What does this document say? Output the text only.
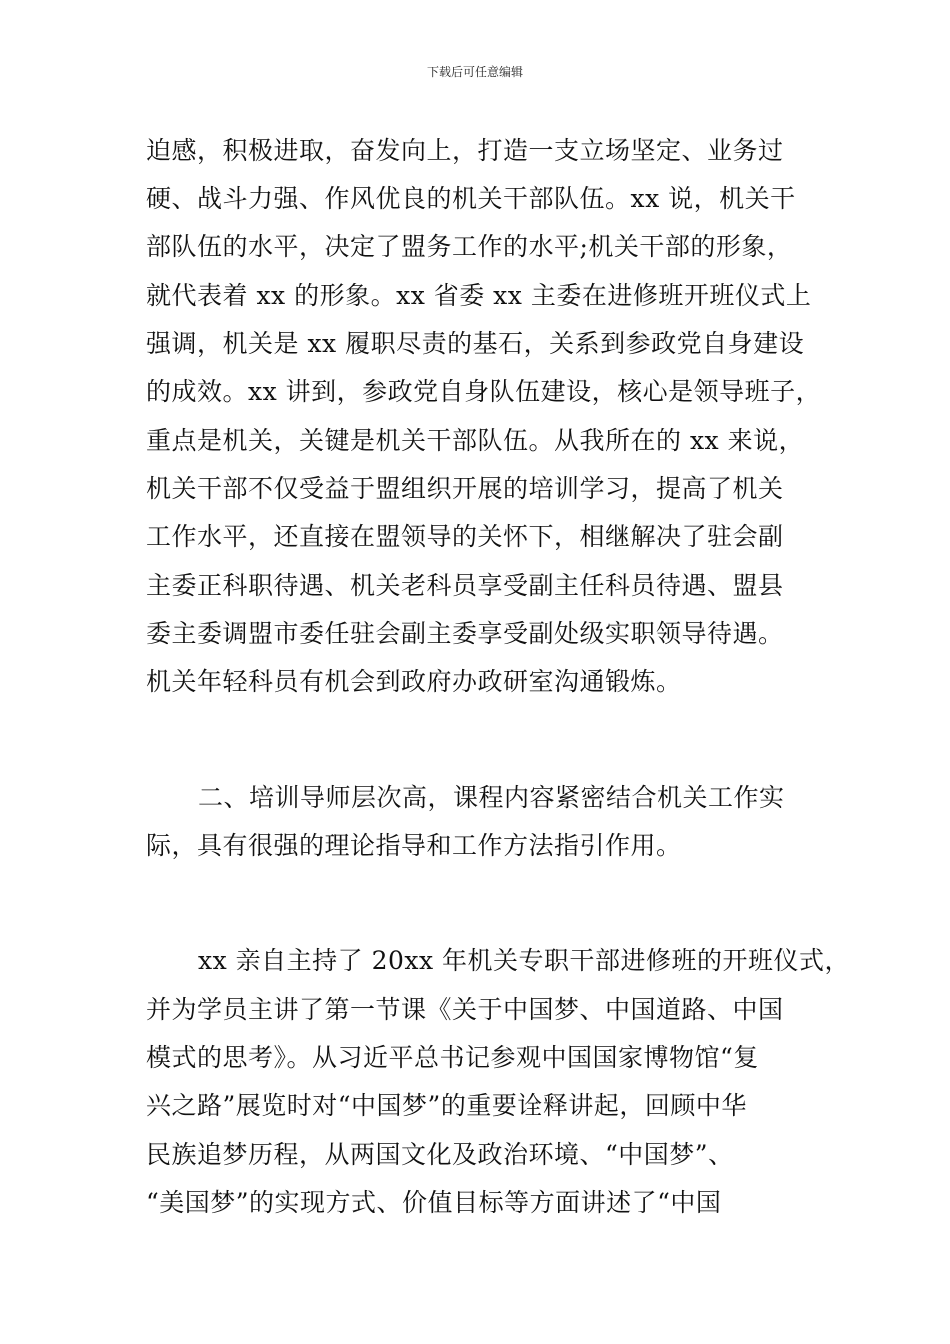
下载后可任意编辑
迫感，积极进取，奋发向上，打造一支立场坚定、业务过
硬、战斗力强、作风优良的机关干部队伍。xx 说，机关干
部队伍的水平，决定了盟务工作的水平;机关干部的形象，
就代表着 xx 的形象。xx 省委 xx 主委在进修班开班仪式上
强调，机关是 xx 履职尽责的基石，关系到参政党自身建设
的成效。xx 讲到，参政党自身队伍建设，核心是领导班子，
重点是机关，关键是机关干部队伍。从我所在的 xx 来说，
机关干部不仅受益于盟组织开展的培训学习，提高了机关
工作水平，还直接在盟领导的关怀下，相继解决了驻会副
主委正科职待遇、机关老科员享受副主任科员待遇、盟县
委主委调盟市委任驻会副主委享受副处级实职领导待遇。
机关年轻科员有机会到政府办政研室沟通锻炼。
二、培训导师层次高，课程内容紧密结合机关工作实
际，具有很强的理论指导和工作方法指引作用。
xx 亲自主持了 20xx 年机关专职干部进修班的开班仪式，
并为学员主讲了第一节课《关于中国梦、中国道路、中国
模式的思考》。从习近平总书记参观中国国家博物馆“复
兴之路”展览时对“中国梦”的重要诠释讲起，回顾中华
民族追梦历程，从两国文化及政治环境、“中国梦”、
“美国梦”的实现方式、价值目标等方面讲述了“中国
